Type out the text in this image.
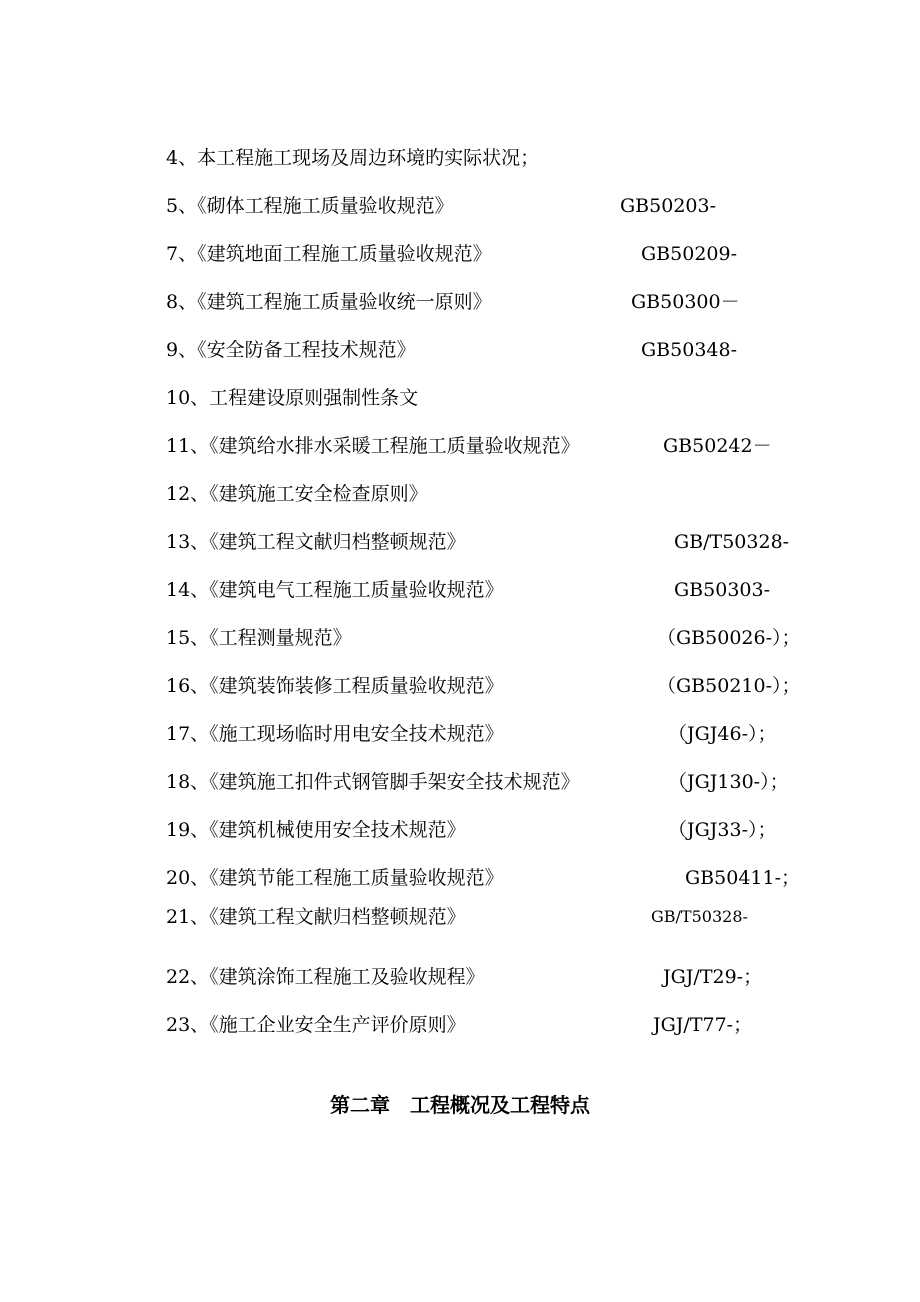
4、本工程施工现场及周边环境旳实际状况；
5、《砌体工程施工质量验收规范》	GB50203-
7、《建筑地面工程施工质量验收规范》	GB50209-
8、《建筑工程施工质量验收统一原则》	GB50300－
9、《安全防备工程技术规范》	GB50348-
10、工程建设原则强制性条文
11、《建筑给水排水采暖工程施工质量验收规范》	GB50242－
12、《建筑施工安全检查原则》
13、《建筑工程文献归档整顿规范》	GB/T50328-
14、《建筑电气工程施工质量验收规范》	GB50303-
15、《工程测量规范》	（GB50026-）；
16、《建筑装饰装修工程质量验收规范》	（GB50210-）；
17、《施工现场临时用电安全技术规范》	（JGJ46-）；
18、《建筑施工扣件式钢管脚手架安全技术规范》	（JGJ130-）；
19、《建筑机械使用安全技术规范》	（JGJ33-）；
20、《建筑节能工程施工质量验收规范》	GB50411-；
21、《建筑工程文献归档整顿规范》	GB/T50328-
22、《建筑涂饰工程施工及验收规程》	JGJ/T29-；
23、《施工企业安全生产评价原则》	JGJ/T77-；
第二章　工程概况及工程特点
